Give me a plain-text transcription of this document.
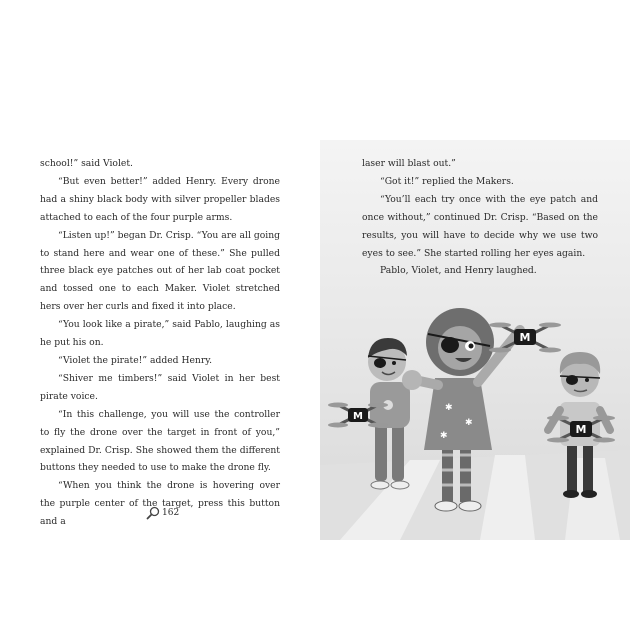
school!” said Violet.

“But even better!” added Henry. Every drone had a shiny black body with silver propeller blades attached to each of the four purple arms.

“Listen up!” began Dr. Crisp. “You are all going to stand here and wear one of these.” She pulled three black eye patches out of her lab coat pocket and tossed one to each Maker. Violet stretched hers over her curls and fixed it into place.

“You look like a pirate,” said Pablo, laughing as he put his on.

“Violet the pirate!” added Henry.

“Shiver me timbers!” said Violet in her best pirate voice.

“In this challenge, you will use the controller to fly the drone over the target in front of you,” explained Dr. Crisp. She showed them the different buttons they needed to use to make the drone fly.

“When you think the drone is hovering over the purple center of the target, press this button and a

162

laser will blast out.”

“Got it!” replied the Makers.

“You’ll each try once with the eye patch and once without,” continued Dr. Crisp. “Based on the results, you will have to decide why we use two eyes to see.” She started rolling her eyes again.

Pablo, Violet, and Henry laughed.

M
✱
✱
✱
M
M
